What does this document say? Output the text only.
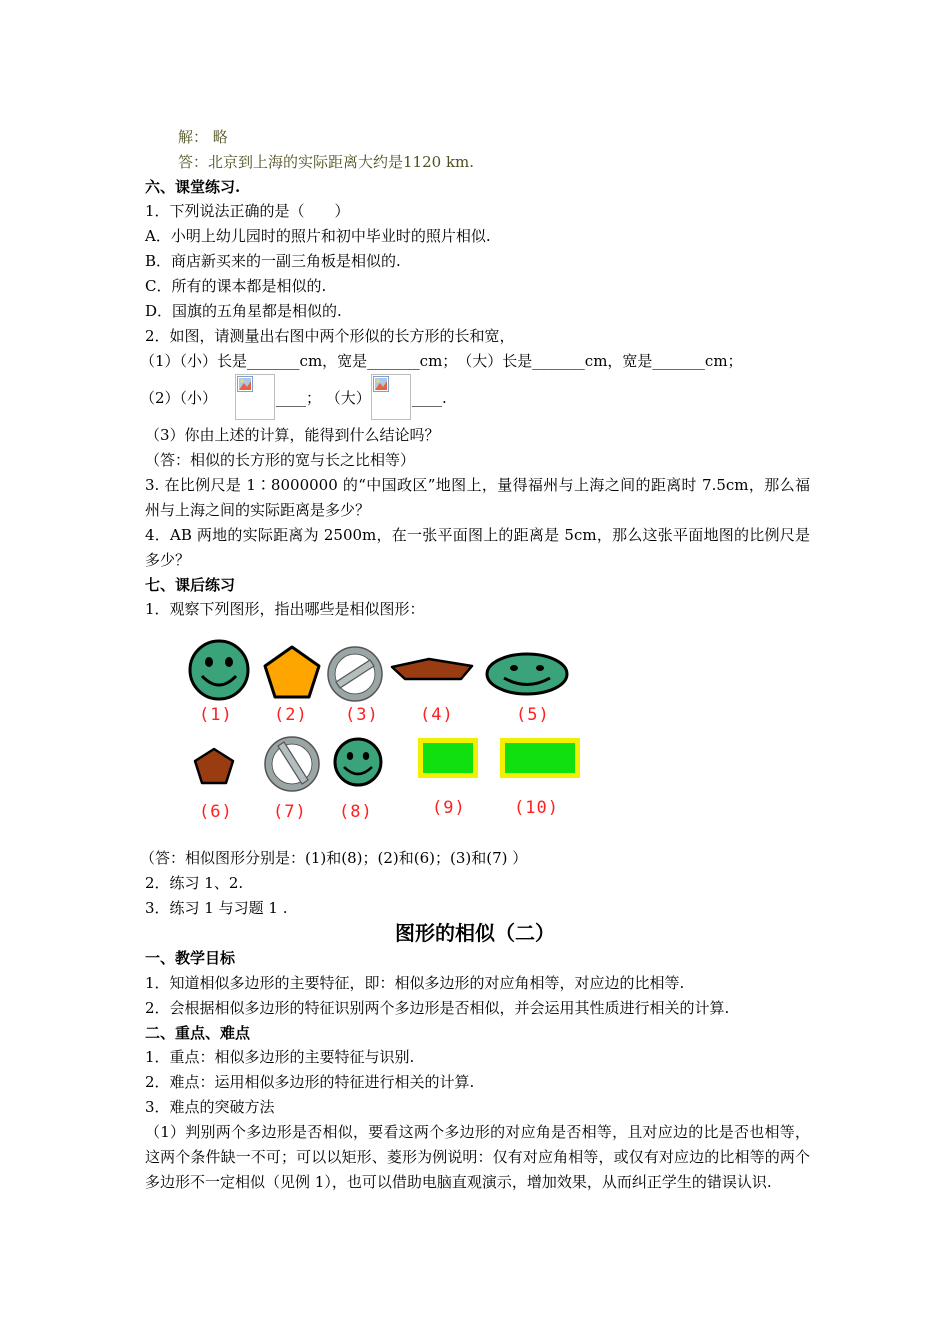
解： 略
答：北京到上海的实际距离大约是1120 km.
六、课堂练习.
1．下列说法正确的是（　　）
A．小明上幼儿园时的照片和初中毕业时的照片相似.
B．商店新买来的一副三角板是相似的.
C．所有的课本都是相似的.
D．国旗的五角星都是相似的.
2．如图，请测量出右图中两个形似的长方形的长和宽，
（1）（小）长是_______cm，宽是_______cm；　（大）长是_______cm，宽是_______cm；
（2）（小）	____； （大）	____.
（3）你由上述的计算，能得到什么结论吗？
（答：相似的长方形的宽与长之比相等）
3. 在比例尺是 1∶8000000 的“中国政区”地图上，量得福州与上海之间的距离时 7.5cm，那么福州与上海之间的实际距离是多少？
4．AB 两地的实际距离为 2500m，在一张平面图上的距离是 5cm，那么这张平面地图的比例尺是多少？
七、课后练习
1．观察下列图形，指出哪些是相似图形：
(1) (2) (3) (4)	(5)
(6) (7) (8)	(9)	(10)
（答：相似图形分别是：(1)和(8)；(2)和(6)；(3)和(7) ）
2．练习 1、2.
3．练习 1 与习题 1 .
图形的相似（二）
一、教学目标
1．知道相似多边形的主要特征，即：相似多边形的对应角相等，对应边的比相等.
2．会根据相似多边形的特征识别两个多边形是否相似，并会运用其性质进行相关的计算.
二、重点、难点
1．重点：相似多边形的主要特征与识别.
2．难点：运用相似多边形的特征进行相关的计算.
3．难点的突破方法
（1）判别两个多边形是否相似，要看这两个多边形的对应角是否相等，且对应边的比是否也相等，这两个条件缺一不可；可以以矩形、菱形为例说明：仅有对应角相等，或仅有对应边的比相等的两个多边形不一定相似（见例 1），也可以借助电脑直观演示，增加效果，从而纠正学生的错误认识.
